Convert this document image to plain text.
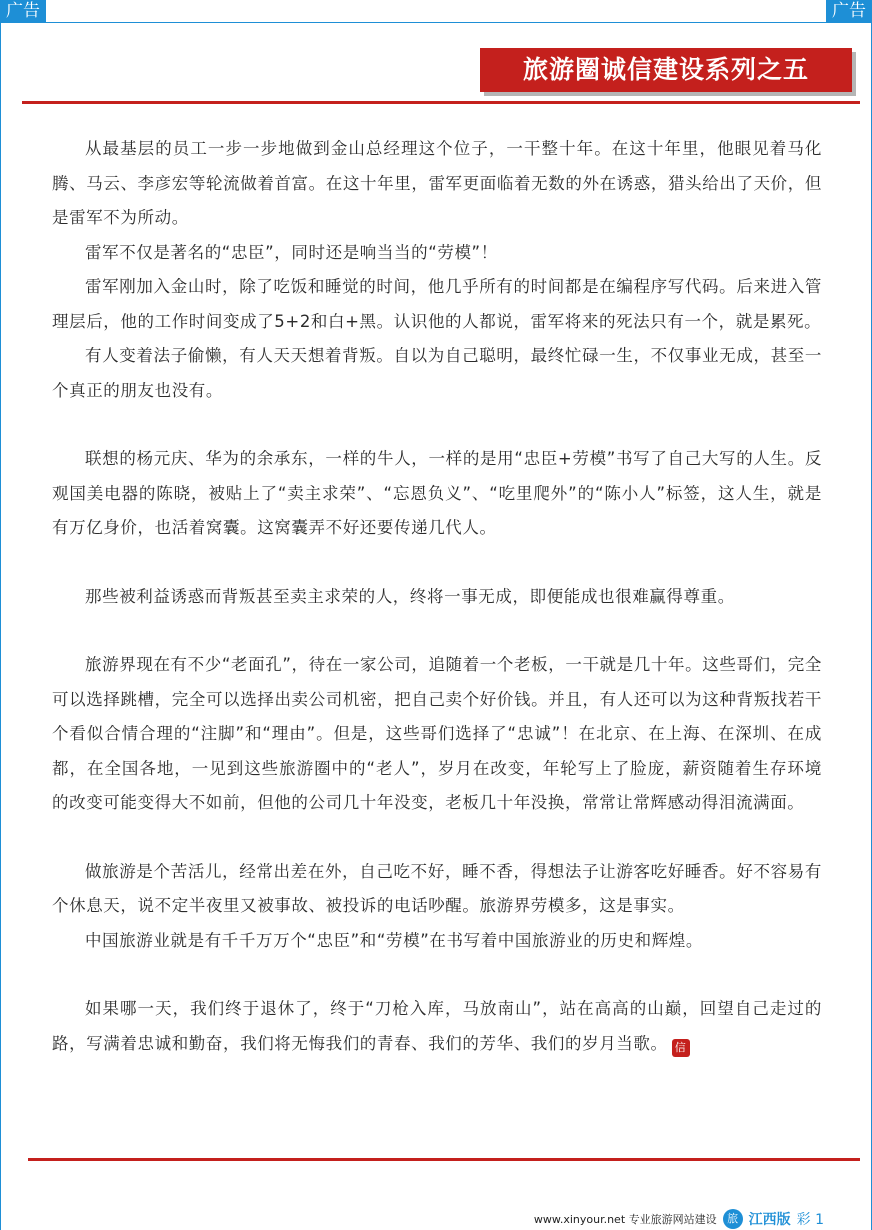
广告	广告
旅游圈诚信建设系列之五

从最基层的员工一步一步地做到金山总经理这个位子，一干整十年。在这十年里，他眼见着马化腾、马云、李彦宏等轮流做着首富。在这十年里，雷军更面临着无数的外在诱惑，猎头给出了天价，但是雷军不为所动。

雷军不仅是著名的“忠臣”，同时还是响当当的“劳模”！

雷军刚加入金山时，除了吃饭和睡觉的时间，他几乎所有的时间都是在编程序写代码。后来进入管理层后，他的工作时间变成了5+2和白+黑。认识他的人都说，雷军将来的死法只有一个，就是累死。

有人变着法子偷懒，有人天天想着背叛。自以为自己聪明，最终忙碌一生，不仅事业无成，甚至一个真正的朋友也没有。

联想的杨元庆、华为的余承东，一样的牛人，一样的是用“忠臣+劳模”书写了自己大写的人生。反观国美电器的陈晓，被贴上了“卖主求荣”、“忘恩负义”、“吃里爬外”的“陈小人”标签，这人生，就是有万亿身价，也活着窝囊。这窝囊弄不好还要传递几代人。

那些被利益诱惑而背叛甚至卖主求荣的人，终将一事无成，即便能成也很难赢得尊重。

旅游界现在有不少“老面孔”，待在一家公司，追随着一个老板，一干就是几十年。这些哥们，完全可以选择跳槽，完全可以选择出卖公司机密，把自己卖个好价钱。并且，有人还可以为这种背叛找若干个看似合情合理的“注脚”和“理由”。但是，这些哥们选择了“忠诚”！在北京、在上海、在深圳、在成都，在全国各地，一见到这些旅游圈中的“老人”，岁月在改变，年轮写上了脸庞，薪资随着生存环境的改变可能变得大不如前，但他的公司几十年没变，老板几十年没换，常常让常辉感动得泪流满面。

做旅游是个苦活儿，经常出差在外，自己吃不好，睡不香，得想法子让游客吃好睡香。好不容易有个休息天，说不定半夜里又被事故、被投诉的电话吵醒。旅游界劳模多，这是事实。

中国旅游业就是有千千万万个“忠臣”和“劳模”在书写着中国旅游业的历史和辉煌。

如果哪一天，我们终于退休了，终于“刀枪入库，马放南山”，站在高高的山巅，回望自己走过的路，写满着忠诚和勤奋，我们将无悔我们的青春、我们的芳华、我们的岁月当歌。 信

www.xinyour.net 专业旅游网站建设 旅 江西版 彩 1
